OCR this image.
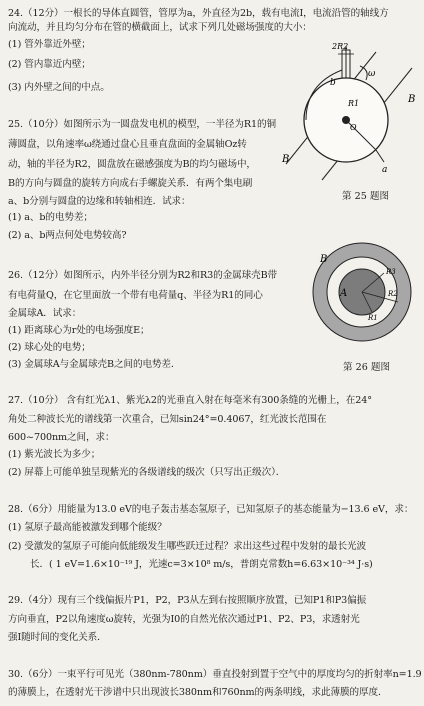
24.（12分）一根长的导体直圆管，管厚为a，外直径为2b，载有电流I，电流沿管的轴线方
向流动，并且均匀分布在管的横截面上，试求下列几处磁场强度的大小：
(1) 管外靠近外壁；
(2) 管内靠近内壁；
(3) 内外壁之间的中点。
2R2
ω
b
R1
O
a
B
B
25.（10分）如图所示为一圆盘发电机的模型，一半径为R1的铜
薄圆盘，以角速率ω绕通过盘心且垂直盘面的金属轴Oz转
动，轴的半径为R2，圆盘放在磁感强度为B的均匀磁场中，
B的方向与圆盘的旋转方向成右手螺旋关系．有两个集电刷
a、b分别与圆盘的边缘和转轴相连．试求：
(1) a、b的电势差；
(2) a、b两点何处电势较高?
第 25 题图
A
B
R3
R2
R1
26.（12分）如图所示，内外半径分别为R2和R3的金属球壳B带
有电荷量Q，在它里面放一个带有电荷量q、半径为R1的同心
金属球A．试求：
(1) 距离球心为r处的电场强度E；
(2) 球心处的电势；
(3) 金属球A与金属球壳B之间的电势差．	第 26 题图
27.（10分） 含有红光λ1、紫光λ2的光垂直入射在每毫米有300条缝的光栅上，在24°
角处二种波长光的谱线第一次重合，已知sin24°=0.4067，红光波长范围在
600~700nm之间，求：
(1) 紫光波长为多少；
(2) 屏幕上可能单独呈现紫光的各级谱线的级次（只写出正级次）．
28.（6分）用能量为13.0 eV的电子轰击基态氢原子，已知氢原子的基态能量为−13.6 eV，求：
(1) 氢原子最高能被激发到哪个能级？
(2) 受激发的氢原子可能向低能级发生哪些跃迁过程？求出这些过程中发射的最长光波
长．( 1 eV=1.6×10⁻¹⁹ J，光速c=3×10⁸ m/s，普朗克常数h=6.63×10⁻³⁴ J·s)
29.（4分）现有三个线偏振片P1，P2，P3从左到右按照顺序放置，已知P1和P3偏振
方向垂直，P2以角速度ω旋转，光强为I0的自然光依次通过P1、P2、P3，求透射光
强I随时间的变化关系．
30.（6分）一束平行可见光（380nm-780nm）垂直投射到置于空气中的厚度均匀的折射率n=1.9
的薄膜上，在透射光干涉谱中只出现波长380nm和760nm的两条明线，求此薄膜的厚度．
